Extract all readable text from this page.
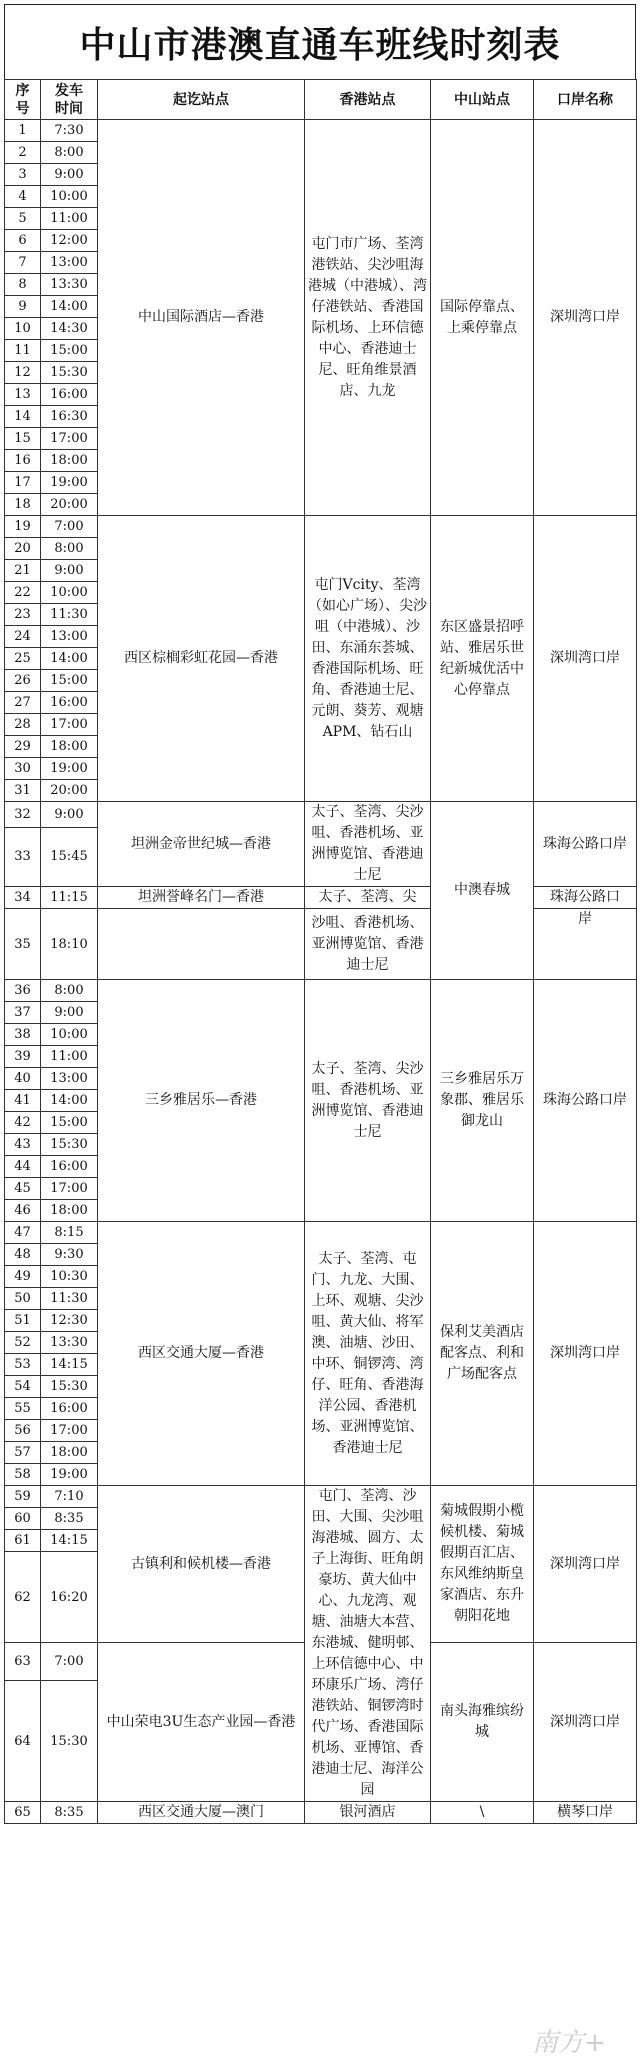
中山市港澳直通车班线时刻表
序
号	发车
时间	起讫站点	香港站点	中山站点	口岸名称
1	7:30	中山国际酒店—香港	屯门市广场、荃湾港铁站、尖沙咀海港城（中港城）、湾仔港铁站、香港国际机场、上环信德中心、香港迪士尼、旺角维景酒店、九龙	国际停靠点、上乘停靠点	深圳湾口岸
2	8:00				
3	9:00				
4	10:00				
5	11:00				
6	12:00				
7	13:00				
8	13:30				
9	14:00				
10	14:30				
11	15:00				
12	15:30				
13	16:00				
14	16:30				
15	17:00				
16	18:00				
17	19:00				
18	20:00				
19	7:00	西区棕榈彩虹花园—香港	屯门Vcity、荃湾（如心广场）、尖沙咀（中港城）、沙田、东涌东荟城、香港国际机场、旺角、香港迪士尼、元朗、葵芳、观塘APM、钻石山	东区盛景招呼站、雅居乐世纪新城优活中心停靠点	深圳湾口岸
20	8:00				
21	9:00				
22	10:00				
23	11:30				
24	13:00				
25	14:00				
26	15:00				
27	16:00				
28	17:00				
29	18:00				
30	19:00				
31	20:00				
32	9:00	坦洲金帝世纪城—香港	太子、荃湾、尖沙咀、香港机场、亚洲博览馆、香港迪士尼	中澳春城	珠海公路口岸
33	15:45				
34	11:15	坦洲誉峰名门—香港	太子、荃湾、尖		珠海公路口
35	18:10		沙咀、香港机场、亚洲博览馆、香港迪士尼		岸
36	8:00	三乡雅居乐—香港	太子、荃湾、尖沙咀、香港机场、亚洲博览馆、香港迪士尼	三乡雅居乐万象郡、雅居乐御龙山	珠海公路口岸
37	9:00				
38	10:00				
39	11:00				
40	13:00				
41	14:00				
42	15:00				
43	15:30				
44	16:00				
45	17:00				
46	18:00				
47	8:15	西区交通大厦—香港	太子、荃湾、屯门、九龙、大围、上环、观塘、尖沙咀、黄大仙、将军澳、油塘、沙田、中环、铜锣湾、湾仔、旺角、香港海洋公园、香港机场、亚洲博览馆、香港迪士尼	保利艾美酒店配客点、利和广场配客点	深圳湾口岸
48	9:30				
49	10:30				
50	11:30				
51	12:30				
52	13:30				
53	14:15				
54	15:30				
55	16:00				
56	17:00				
57	18:00				
58	19:00				
59	7:10	古镇利和候机楼—香港	屯门、荃湾、沙田、大围、尖沙咀海港城、圆方、太子上海街、旺角朗豪坊、黄大仙中心、九龙湾、观塘、油塘大本营、东港城、健明邨、上环信德中心、中环康乐广场、湾仔港铁站、铜锣湾时代广场、香港国际机场、亚博馆、香港迪士尼、海洋公园	菊城假期小榄候机楼、菊城假期百汇店、东风维纳斯皇家酒店、东升朝阳花地	深圳湾口岸
60	8:35				
61	14:15				
62	16:20				
63	7:00	中山荣电3U生态产业园—香港		南头海雅缤纷城	深圳湾口岸
64	15:30				
65	8:35	西区交通大厦—澳门	银河酒店	\	横琴口岸
南方+
